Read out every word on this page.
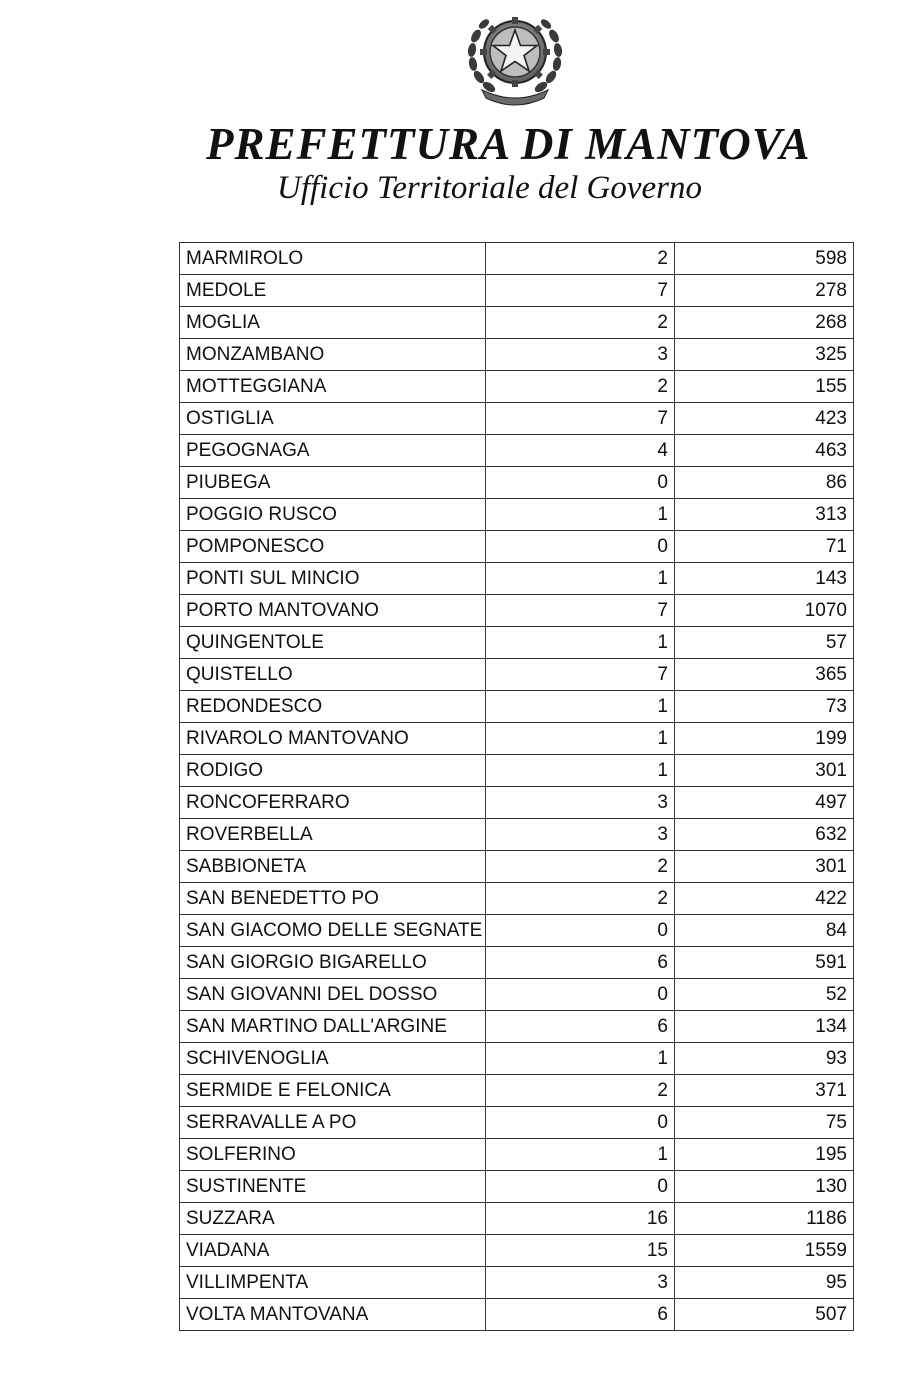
PREFETTURA DI MANTOVA
Ufficio Territoriale del Governo
MARMIROLO	2	598
MEDOLE	7	278
MOGLIA	2	268
MONZAMBANO	3	325
MOTTEGGIANA	2	155
OSTIGLIA	7	423
PEGOGNAGA	4	463
PIUBEGA	0	86
POGGIO RUSCO	1	313
POMPONESCO	0	71
PONTI SUL MINCIO	1	143
PORTO MANTOVANO	7	1070
QUINGENTOLE	1	57
QUISTELLO	7	365
REDONDESCO	1	73
RIVAROLO MANTOVANO	1	199
RODIGO	1	301
RONCOFERRARO	3	497
ROVERBELLA	3	632
SABBIONETA	2	301
SAN BENEDETTO PO	2	422
SAN GIACOMO DELLE SEGNATE	0	84
SAN GIORGIO BIGARELLO	6	591
SAN GIOVANNI DEL DOSSO	0	52
SAN MARTINO DALL'ARGINE	6	134
SCHIVENOGLIA	1	93
SERMIDE E FELONICA	2	371
SERRAVALLE A PO	0	75
SOLFERINO	1	195
SUSTINENTE	0	130
SUZZARA	16	1186
VIADANA	15	1559
VILLIMPENTA	3	95
VOLTA MANTOVANA	6	507
